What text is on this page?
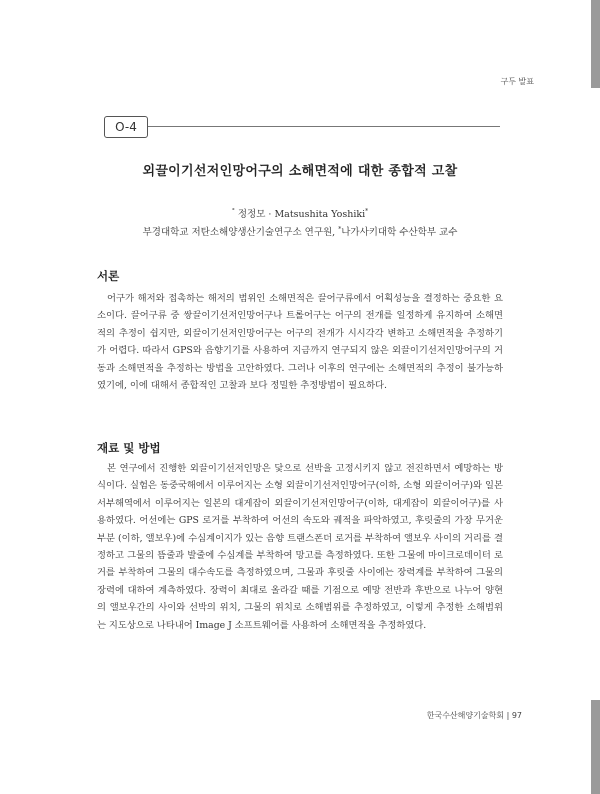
구두 발표
O-4
외끌이기선저인망어구의 소해면적에 대한 종합적 고찰
° 정정모 · Matsushita Yoshiki*
부경대학교 저탄소해양생산기술연구소 연구원, *나가사키대학 수산학부 교수
서론

어구가 해저와 접촉하는 해저의 범위인 소해면적은 끌어구류에서 어획성능을 결정하는 중요한 요소이다. 끌어구류 중 쌍끌이기선저인망어구나 트롤어구는 어구의 전개를 일정하게 유지하여 소해면적의 추정이 쉽지만, 외끌이기선저인망어구는 어구의 전개가 시시각각 변하고 소해면적을 추정하기가 어렵다. 따라서 GPS와 음향기기를 사용하여 지금까지 연구되지 않은 외끌이기선저인망어구의 거동과 소해면적을 추정하는 방법을 고안하였다. 그러나 이후의 연구에는 소해면적의 추정이 불가능하였기에, 이에 대해서 종합적인 고찰과 보다 정밀한 추정방법이 필요하다.

재료 및 방법

본 연구에서 진행한 외끌이기선저인망은 닻으로 선박을 고정시키지 않고 전진하면서 예망하는 방식이다. 실험은 동중국해에서 이루어지는 소형 외끌이기선저인망어구(이하, 소형 외끌이어구)와 일본 서부해역에서 이루어지는 일본의 대게잡이 외끌이기선저인망어구(이하, 대게잡이 외끌이어구)를 사용하였다. 어선에는 GPS 로거를 부착하여 어선의 속도와 궤적을 파악하였고, 후릿줄의 가장 무거운 부분 (이하, 앨보우)에 수심계이지가 있는 음향 트랜스폰더 로거를 부착하여 앨보우 사이의 거리를 결정하고 그물의 뜸줄과 발줄에 수심계를 부착하여 망고를 측정하였다. 또한 그물에 마이크로데이터 로거를 부착하여 그물의 대수속도를 측정하였으며, 그물과 후릿줄 사이에는 장력계를 부착하여 그물의 장력에 대하여 계측하였다. 장력이 최대로 올라갈 때를 기점으로 예망 전반과 후반으로 나누어 양현의 앨보우간의 사이와 선박의 위치, 그물의 위치로 소해범위를 추정하였고, 이렇게 추정한 소해범위는 지도상으로 나타내어 Image J 소프트웨어를 사용하여 소해면적을 추정하였다.

한국수산해양기술학회 | 97
